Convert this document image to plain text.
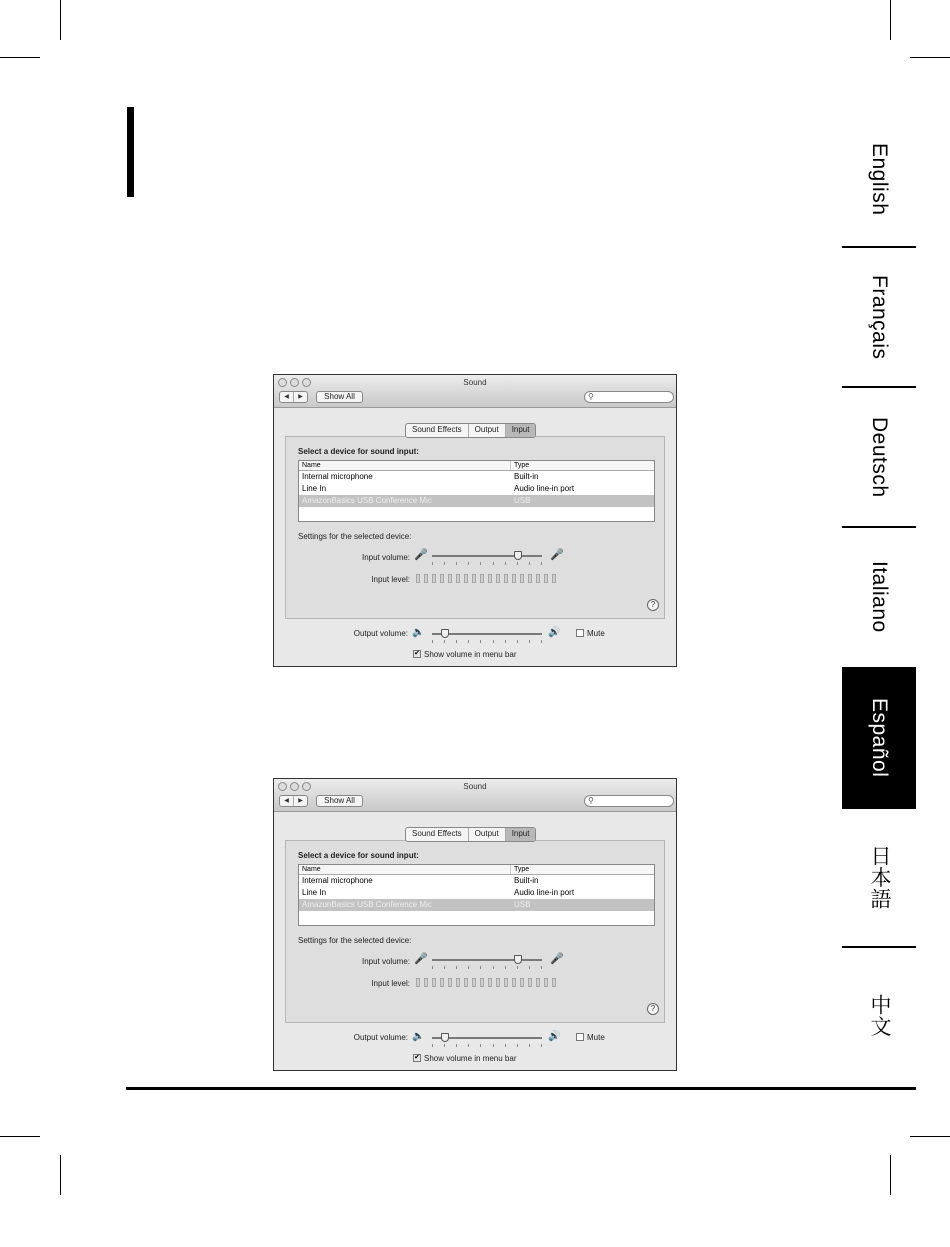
English
Français
Deutsch
Italiano
Español
日本語
中文
Sound
◀	▶	Show All	⚲
Sound Effects	Output	Input
Select a device for sound input:
Name	Type
Internal microphone	Built-in
Line In	Audio line-in port
AmazonBasics USB Conference Mic	USB
Settings for the selected device:
Input volume: 🎤	🎤
Input level:
?
Output volume: 🔈	🔊	Mute
✔ Show volume in menu bar
Sound
◀	▶	Show All	⚲
Sound Effects	Output	Input
Select a device for sound input:
Name	Type
Internal microphone	Built-in
Line In	Audio line-in port
AmazonBasics USB Conference Mic	USB
Settings for the selected device:
Input volume: 🎤	🎤
Input level:
?
Output volume: 🔈	🔊	Mute
✔ Show volume in menu bar
